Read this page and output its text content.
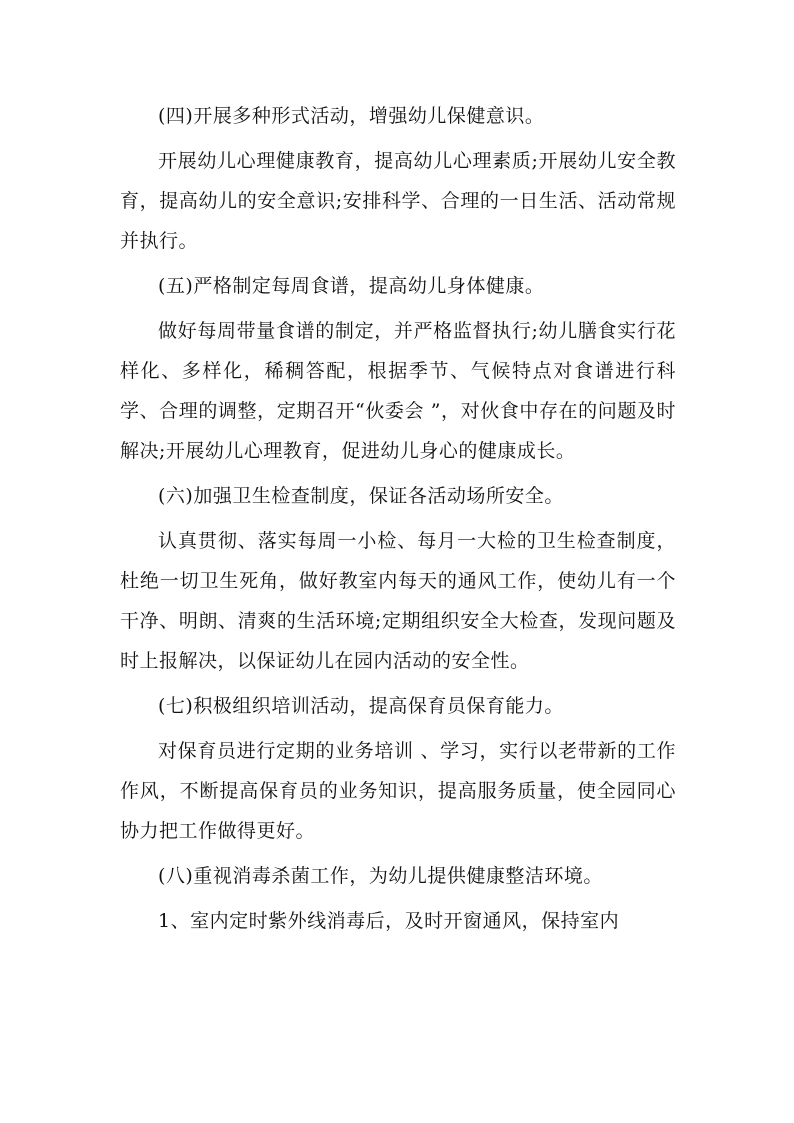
(四)开展多种形式活动，增强幼儿保健意识。

开展幼儿心理健康教育，提高幼儿心理素质;开展幼儿安全教育，提高幼儿的安全意识;安排科学、合理的一日生活、活动常规并执行。

(五)严格制定每周食谱，提高幼儿身体健康。

做好每周带量食谱的制定，并严格监督执行;幼儿膳食实行花样化、多样化，稀稠答配，根据季节、气候特点对食谱进行科学、合理的调整，定期召开“伙委会 ”，对伙食中存在的问题及时解决;开展幼儿心理教育，促进幼儿身心的健康成长。

(六)加强卫生检查制度，保证各活动场所安全。

认真贯彻、落实每周一小检、每月一大检的卫生检查制度，杜绝一切卫生死角，做好教室内每天的通风工作，使幼儿有一个干净、明朗、清爽的生活环境;定期组织安全大检查，发现问题及时上报解决，以保证幼儿在园内活动的安全性。

(七)积极组织培训活动，提高保育员保育能力。

对保育员进行定期的业务培训 、学习，实行以老带新的工作作风，不断提高保育员的业务知识，提高服务质量，使全园同心协力把工作做得更好。

(八)重视消毒杀菌工作，为幼儿提供健康整洁环境。

1、室内定时紫外线消毒后，及时开窗通风，保持室内
